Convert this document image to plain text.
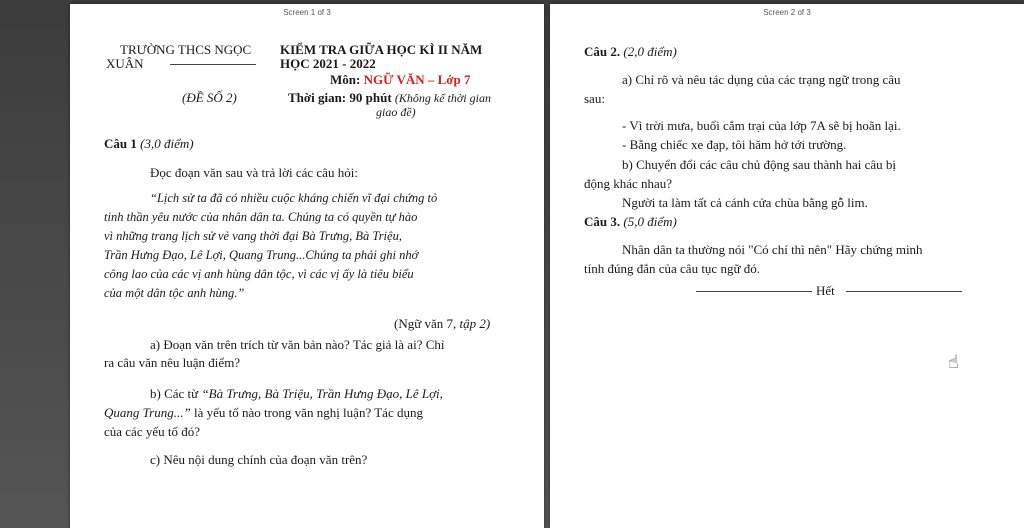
Screen 1 of 3
TRƯỜNG THCS NGỌC
XUÂN
KIỂM TRA GIỮA HỌC KÌ II NĂM
HỌC 2021 - 2022
Môn: NGỮ VĂN – Lớp 7
(ĐỀ SỐ 2)	Thời gian: 90 phút (Không kể thời gian
giao đề)
Câu 1 (3,0 điểm)
Đọc đoạn văn sau và trả lời các câu hỏi:
“Lịch sử ta đã có nhiều cuộc kháng chiến vĩ đại chứng tỏ
tinh thần yêu nước của nhân dân ta. Chúng ta có quyền tự hào
vì những trang lịch sử vẻ vang thời đại Bà Trưng, Bà Triệu,
Trần Hưng Đạo, Lê Lợi, Quang Trung...Chúng ta phải ghi nhớ
công lao của các vị anh hùng dân tộc, vì các vị ấy là tiêu biểu
của một dân tộc anh hùng.”
(Ngữ văn 7, tập 2)
a) Đoạn văn trên trích từ văn bản nào? Tác giả là ai? Chỉ
ra câu văn nêu luận điểm?
b) Các từ “Bà Trưng, Bà Triệu, Trần Hưng Đạo, Lê Lợi,
Quang Trung...” là yếu tố nào trong văn nghị luận? Tác dụng
của các yếu tố đó?
c) Nêu nội dung chính của đoạn văn trên?
Screen 2 of 3
Câu 2. (2,0 điểm)
a) Chỉ rõ và nêu tác dụng của các trạng ngữ trong câu
sau:
- Vì trời mưa, buổi cắm trại của lớp 7A sẽ bị hoãn lại.
- Bằng chiếc xe đạp, tôi hăm hở tới trường.
b) Chuyển đổi các câu chủ động sau thành hai câu bị
động khác nhau?
Người ta làm tất cả cánh cửa chùa bằng gỗ lim.
Câu 3. (5,0 điểm)
Nhân dân ta thường nói "Có chí thì nên" Hãy chứng minh
tính đúng đắn của câu tục ngữ đó.
Hết
☝
